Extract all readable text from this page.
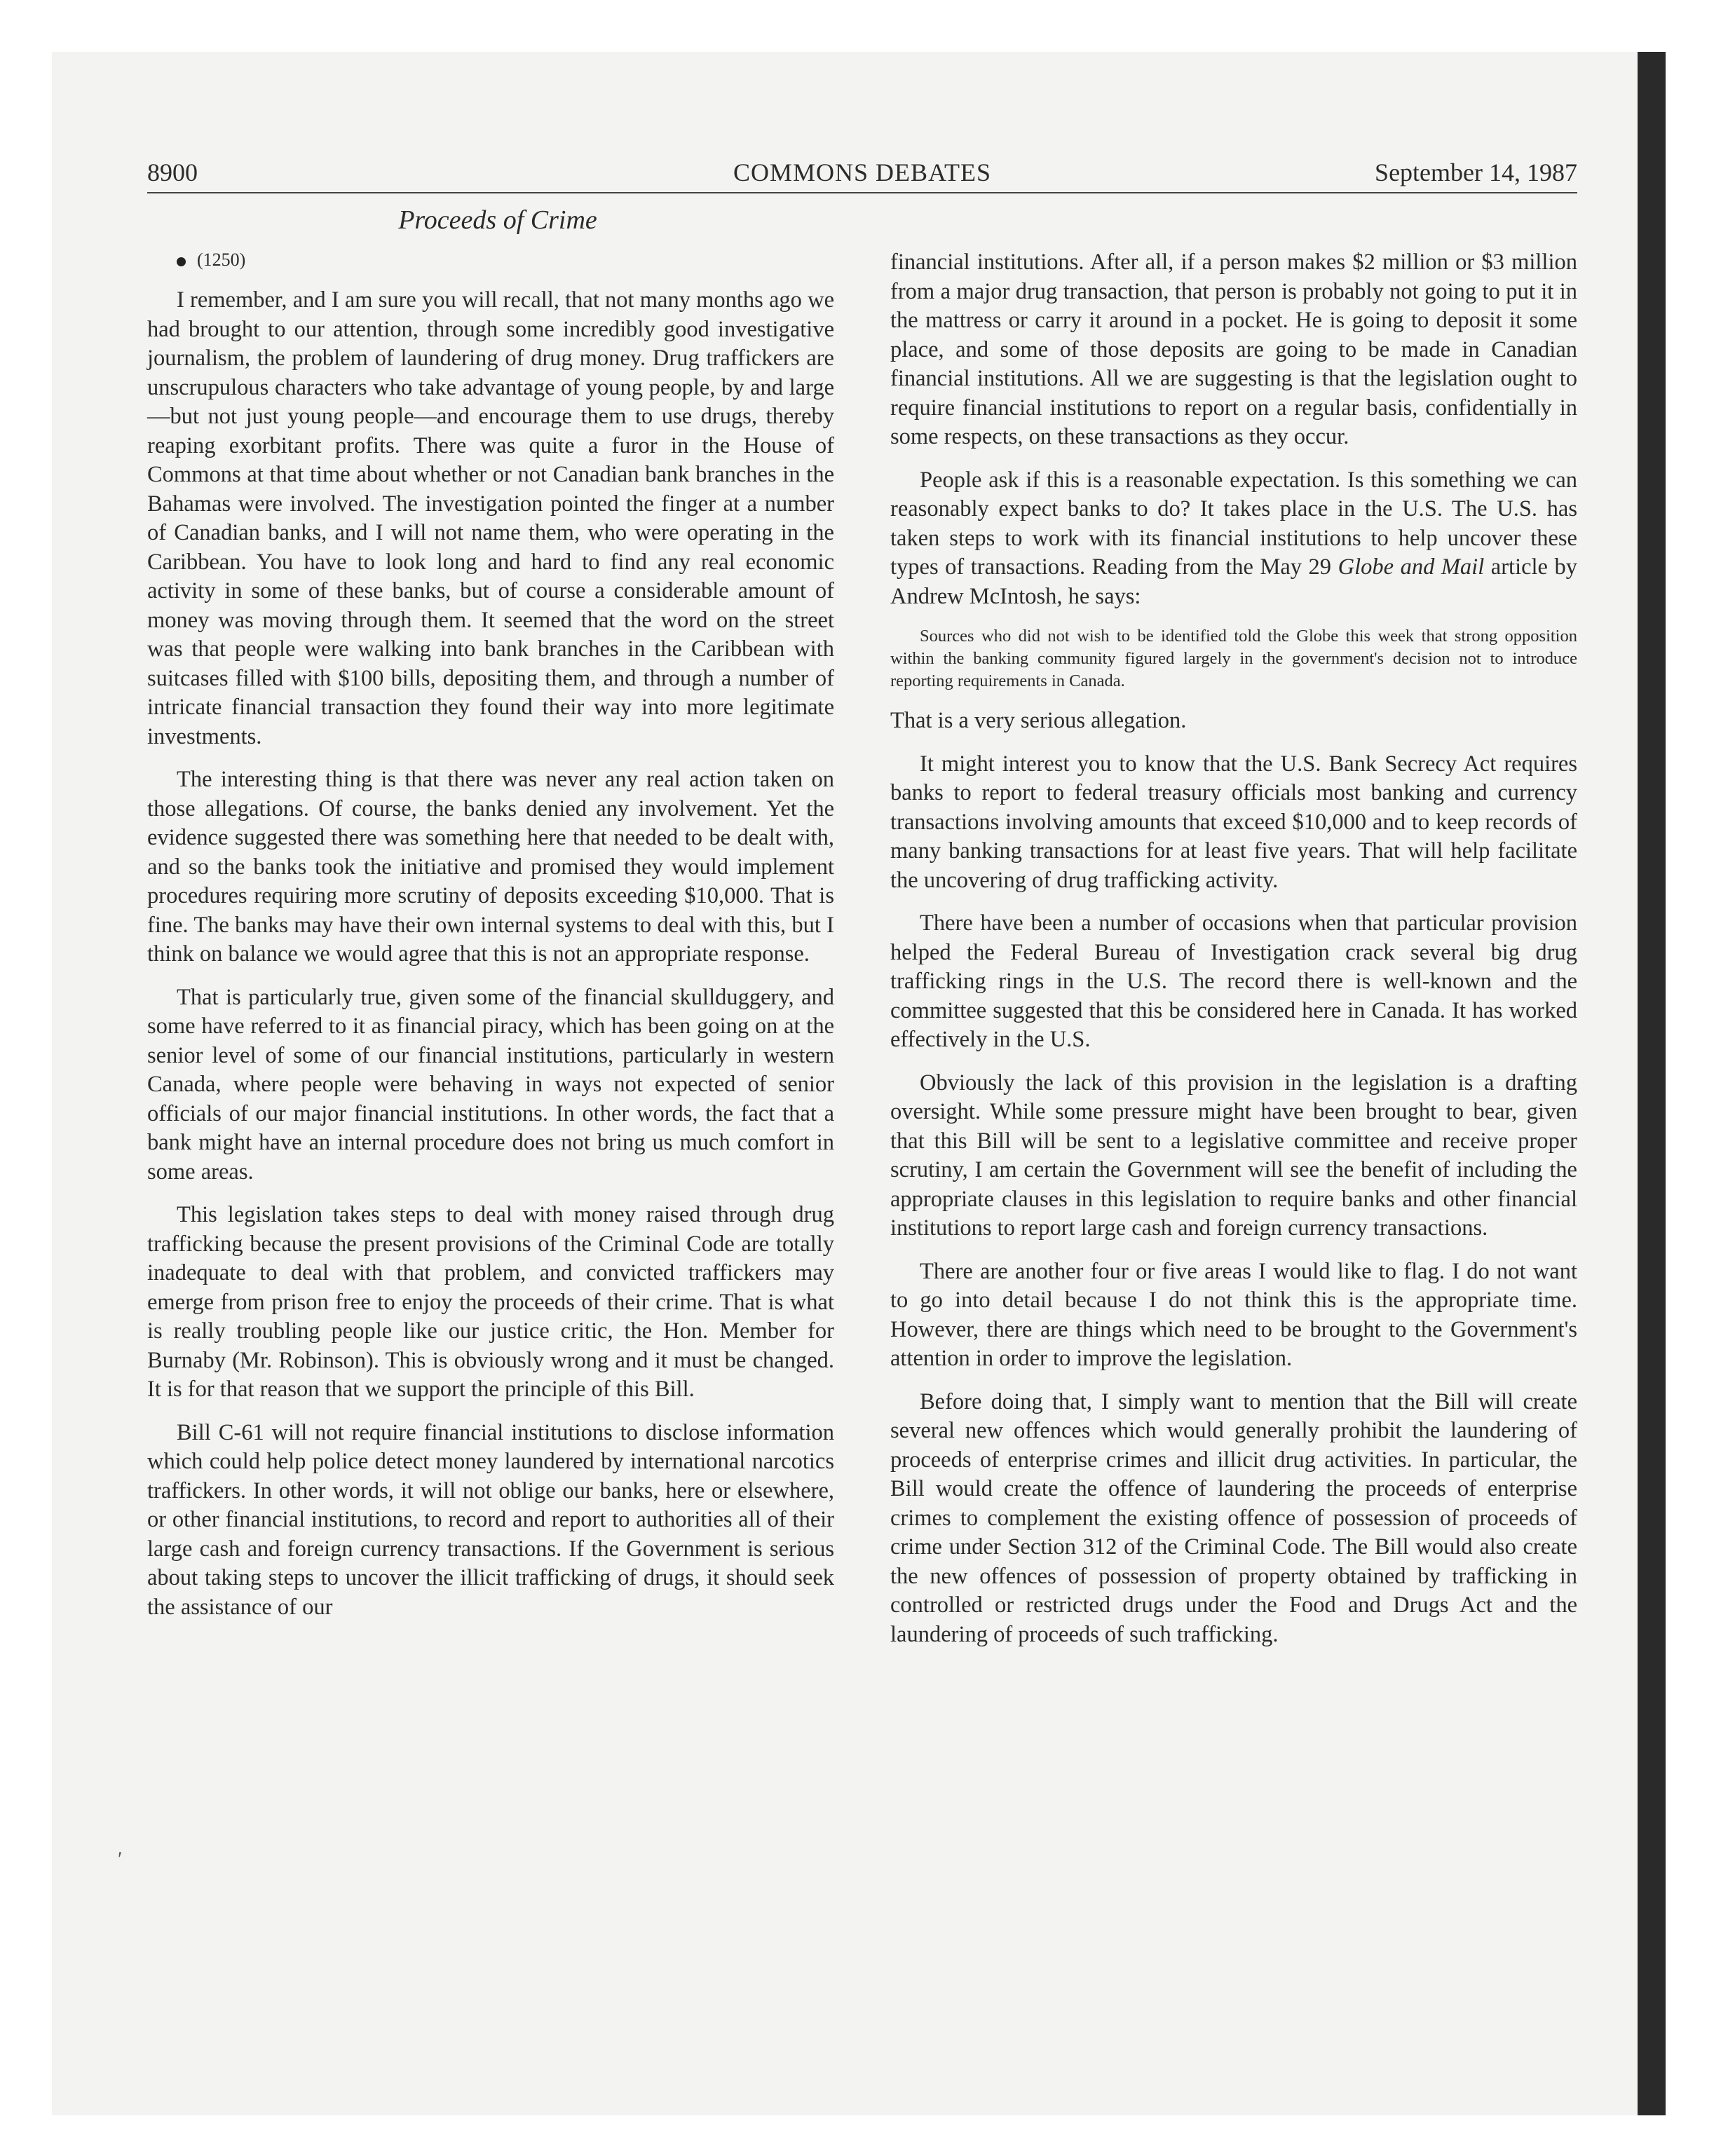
8900	COMMONS DEBATES	September 14, 1987
Proceeds of Crime

(1250)

I remember, and I am sure you will recall, that not many months ago we had brought to our attention, through some incredibly good investigative journalism, the problem of laundering of drug money. Drug traffickers are unscrupulous characters who take advantage of young people, by and large—but not just young people—and encourage them to use drugs, thereby reaping exorbitant profits. There was quite a furor in the House of Commons at that time about whether or not Canadian bank branches in the Bahamas were involved. The investigation pointed the finger at a number of Canadian banks, and I will not name them, who were operating in the Caribbean. You have to look long and hard to find any real economic activity in some of these banks, but of course a considerable amount of money was moving through them. It seemed that the word on the street was that people were walking into bank branches in the Caribbean with suitcases filled with $100 bills, depositing them, and through a number of intricate financial transaction they found their way into more legitimate investments.

The interesting thing is that there was never any real action taken on those allegations. Of course, the banks denied any involvement. Yet the evidence suggested there was something here that needed to be dealt with, and so the banks took the initiative and promised they would implement procedures requiring more scrutiny of deposits exceeding $10,000. That is fine. The banks may have their own internal systems to deal with this, but I think on balance we would agree that this is not an appropriate response.

That is particularly true, given some of the financial skullduggery, and some have referred to it as financial piracy, which has been going on at the senior level of some of our financial institutions, particularly in western Canada, where people were behaving in ways not expected of senior officials of our major financial institutions. In other words, the fact that a bank might have an internal procedure does not bring us much comfort in some areas.

This legislation takes steps to deal with money raised through drug trafficking because the present provisions of the Criminal Code are totally inadequate to deal with that problem, and convicted traffickers may emerge from prison free to enjoy the proceeds of their crime. That is what is really troubling people like our justice critic, the Hon. Member for Burnaby (Mr. Robinson). This is obviously wrong and it must be changed. It is for that reason that we support the principle of this Bill.

Bill C-61 will not require financial institutions to disclose information which could help police detect money laundered by international narcotics traffickers. In other words, it will not oblige our banks, here or elsewhere, or other financial institutions, to record and report to authorities all of their large cash and foreign currency transactions. If the Government is serious about taking steps to uncover the illicit trafficking of drugs, it should seek the assistance of our

financial institutions. After all, if a person makes $2 million or $3 million from a major drug transaction, that person is probably not going to put it in the mattress or carry it around in a pocket. He is going to deposit it some place, and some of those deposits are going to be made in Canadian financial institutions. All we are suggesting is that the legislation ought to require financial institutions to report on a regular basis, confidentially in some respects, on these transactions as they occur.

People ask if this is a reasonable expectation. Is this something we can reasonably expect banks to do? It takes place in the U.S. The U.S. has taken steps to work with its financial institutions to help uncover these types of transactions. Reading from the May 29 Globe and Mail article by Andrew McIntosh, he says:

Sources who did not wish to be identified told the Globe this week that strong opposition within the banking community figured largely in the government's decision not to introduce reporting requirements in Canada.

That is a very serious allegation.

It might interest you to know that the U.S. Bank Secrecy Act requires banks to report to federal treasury officials most banking and currency transactions involving amounts that exceed $10,000 and to keep records of many banking transactions for at least five years. That will help facilitate the uncovering of drug trafficking activity.

There have been a number of occasions when that particular provision helped the Federal Bureau of Investigation crack several big drug trafficking rings in the U.S. The record there is well-known and the committee suggested that this be considered here in Canada. It has worked effectively in the U.S.

Obviously the lack of this provision in the legislation is a drafting oversight. While some pressure might have been brought to bear, given that this Bill will be sent to a legislative committee and receive proper scrutiny, I am certain the Government will see the benefit of including the appropriate clauses in this legislation to require banks and other financial institutions to report large cash and foreign currency transactions.

There are another four or five areas I would like to flag. I do not want to go into detail because I do not think this is the appropriate time. However, there are things which need to be brought to the Government's attention in order to improve the legislation.

Before doing that, I simply want to mention that the Bill will create several new offences which would generally prohibit the laundering of proceeds of enterprise crimes and illicit drug activities. In particular, the Bill would create the offence of laundering the proceeds of enterprise crimes to complement the existing offence of possession of proceeds of crime under Section 312 of the Criminal Code. The Bill would also create the new offences of possession of property obtained by trafficking in controlled or restricted drugs under the Food and Drugs Act and the laundering of proceeds of such trafficking.

ʹ
